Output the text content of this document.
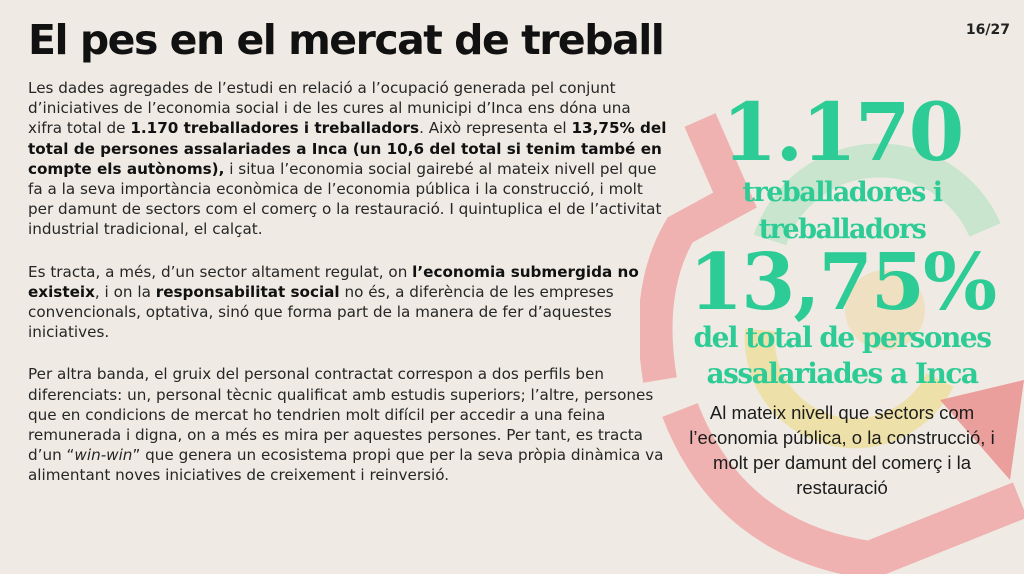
El pes en el mercat de treball	16/27

Les dades agregades de l’estudi en relació a l’ocupació generada pel conjunt d’iniciatives de l’economia social i de les cures al municipi d’Inca ens dóna una xifra total de 1.170 treballadores i treballadors. Això representa el 13,75% del total de persones assalariades a Inca (un 10,6 del total si tenim també en compte els autònoms), i situa l’economia social gairebé al mateix nivell pel que fa a la seva importància econòmica de l’economia pública i la construcció, i molt per damunt de sectors com el comerç o la restauració. I quintuplica el de l’activitat industrial tradicional, el calçat.

Es tracta, a més, d’un sector altament regulat, on l’economia submergida no existeix, i on la responsabilitat social no és, a diferència de les empreses convencionals, optativa, sinó que forma part de la manera de fer d’aquestes iniciatives.

Per altra banda, el gruix del personal contractat correspon a dos perfils ben diferenciats: un, personal tècnic qualificat amb estudis superiors; l’altre, persones que en condicions de mercat ho tendrien molt difícil per accedir a una feina remunerada i digna, on a més es mira per aquestes persones. Per tant, es tracta d’un “win-win” que genera un ecosistema propi que per la seva pròpia dinàmica va alimentant noves iniciatives de creixement i reinversió.

1.170
treballadores i treballadors
13,75%
del total de persones assalariades a Inca
Al mateix nivell que sectors com l’economia pública, o la construcció, i molt per damunt del comerç i la restauració
